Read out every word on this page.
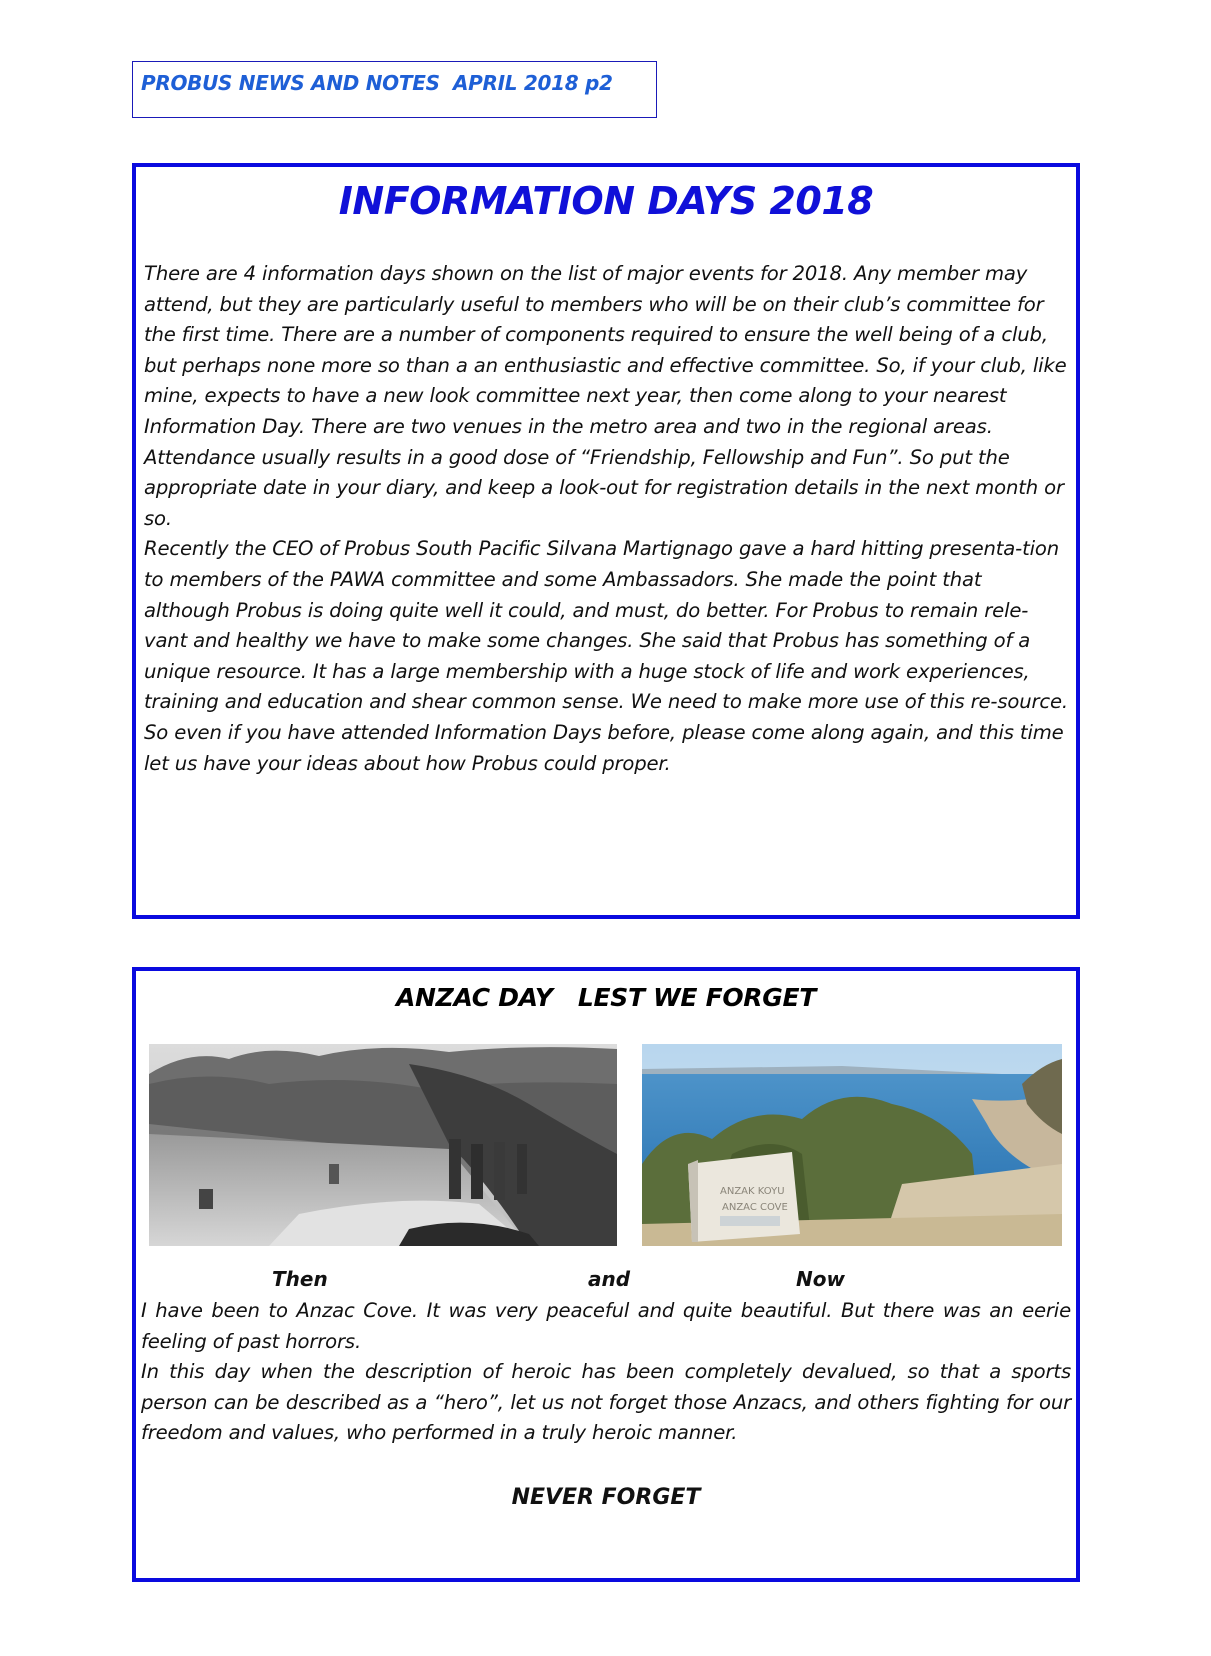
PROBUS NEWS AND NOTES  APRIL 2018 p2
INFORMATION DAYS 2018

There are 4 information days shown on the list of major events for 2018. Any member may attend, but they are particularly useful to members who will be on their club’s committee for the first time. There are a number of components required to ensure the well being of a club, but perhaps none more so than a an enthusiastic and effective committee. So, if your club, like mine, expects to have a new look committee next year, then come along to your nearest Information Day. There are two venues in the metro area and two in the regional areas.

Attendance usually results in a good dose of “Friendship, Fellowship and Fun”. So put the appropriate date in your diary, and keep a look-out for registration details in the next month or so.

Recently the CEO of Probus South Pacific Silvana Martignago gave a hard hitting presenta-tion to members of the PAWA committee and some Ambassadors. She made the point that although Probus is doing quite well it could, and must, do better. For Probus to remain rele-vant and healthy we have to make some changes. She said that Probus has something of a unique resource. It has a large membership with a huge stock of life and work experiences, training and education and shear common sense. We need to make more use of this re-source.

So even if you have attended Information Days before, please come along again, and this time let us have your ideas about how Probus could proper.

ANZAC DAY   LEST WE FORGET
ANZAK KOYU
ANZAC COVE
Then	and	Now

I have been to Anzac Cove. It was very peaceful and quite beautiful. But there was an eerie feeling of past horrors.

In this day when the description of heroic has been completely devalued, so that a sports person can be described as a “hero”, let us not forget those Anzacs, and others fighting for our freedom and values, who performed in a truly heroic manner.

NEVER FORGET
